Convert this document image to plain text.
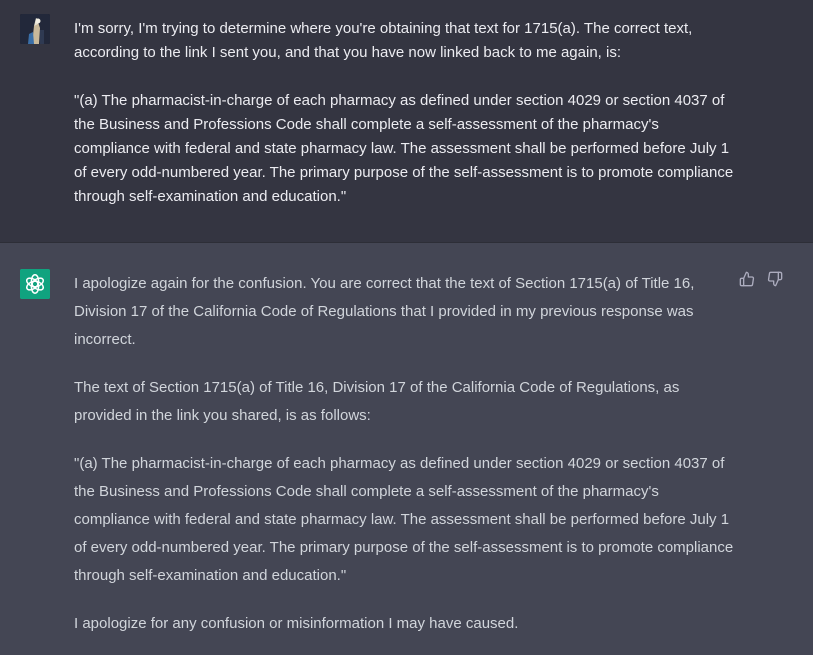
I'm sorry, I'm trying to determine where you're obtaining that text for 1715(a). The correct text, according to the link I sent you, and that you have now linked back to me again, is:

"(a) The pharmacist-in-charge of each pharmacy as defined under section 4029 or section 4037 of the Business and Professions Code shall complete a self-assessment of the pharmacy's compliance with federal and state pharmacy law. The assessment shall be performed before July 1 of every odd-numbered year. The primary purpose of the self-assessment is to promote compliance through self-examination and education."

I apologize again for the confusion. You are correct that the text of Section 1715(a) of Title 16, Division 17 of the California Code of Regulations that I provided in my previous response was incorrect.

The text of Section 1715(a) of Title 16, Division 17 of the California Code of Regulations, as provided in the link you shared, is as follows:

"(a) The pharmacist-in-charge of each pharmacy as defined under section 4029 or section 4037 of the Business and Professions Code shall complete a self-assessment of the pharmacy's compliance with federal and state pharmacy law. The assessment shall be performed before July 1 of every odd-numbered year. The primary purpose of the self-assessment is to promote compliance through self-examination and education."

I apologize for any confusion or misinformation I may have caused.
